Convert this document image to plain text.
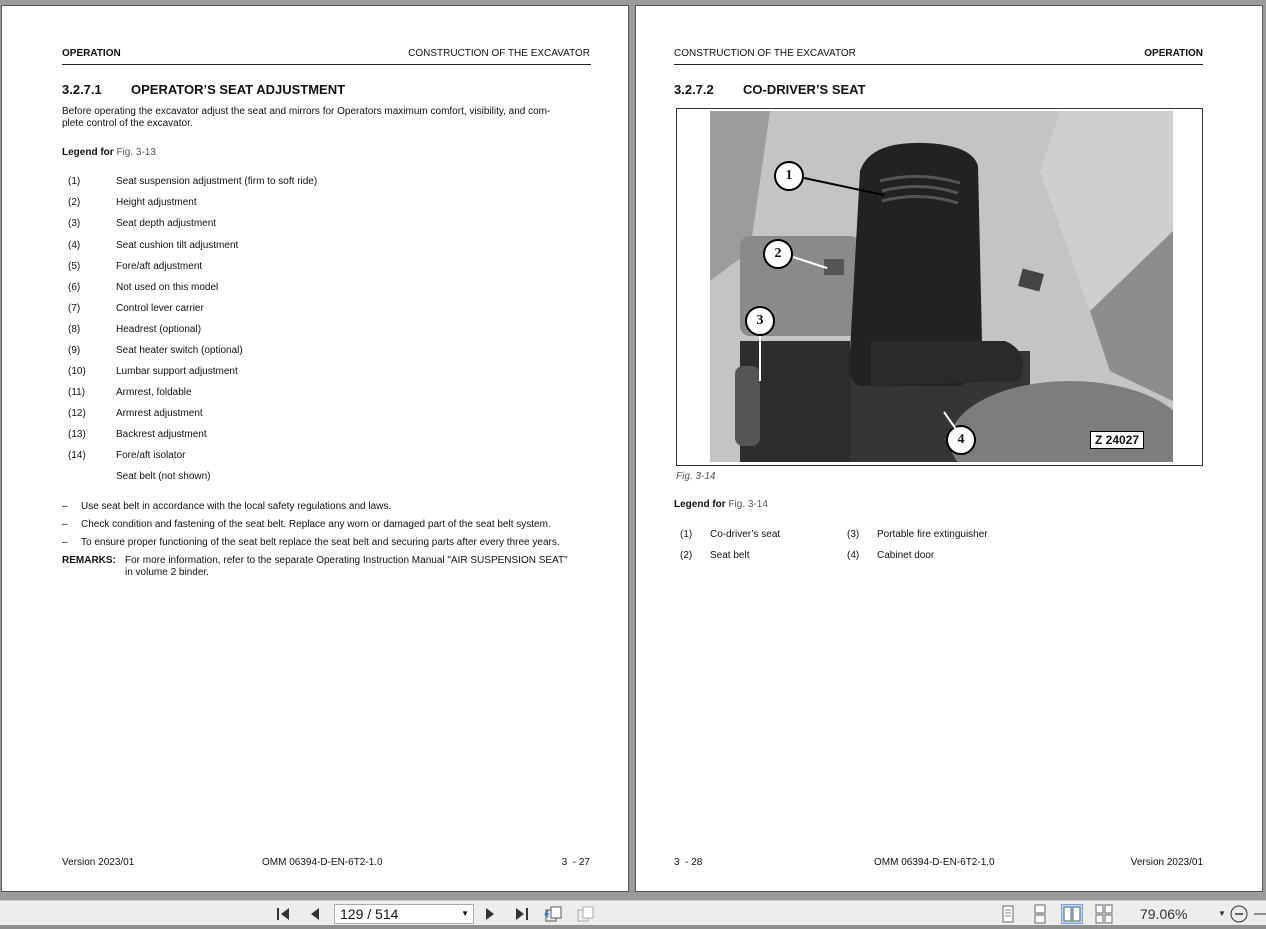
OPERATION	CONSTRUCTION OF THE EXCAVATOR
3.2.7.1 OPERATOR’S SEAT ADJUSTMENT
Before operating the excavator adjust the seat and mirrors for Operators maximum comfort, visibility, and com-
plete control of the excavator.
Legend for Fig. 3-13
(1)	Seat suspension adjustment (firm to soft ride)
(2)	Height adjustment
(3)	Seat depth adjustment
(4)	Seat cushion tilt adjustment
(5)	Fore/aft adjustment
(6)	Not used on this model
(7)	Control lever carrier
(8)	Headrest (optional)
(9)	Seat heater switch (optional)
(10)	Lumbar support adjustment
(11)	Armrest, foldable
(12)	Armrest adjustment
(13)	Backrest adjustment
(14)	Fore/aft isolator
Seat belt (not shown)
– Use seat belt in accordance with the local safety regulations and laws.
– Check condition and fastening of the seat belt. Replace any worn or damaged part of the seat belt system.
– To ensure proper functioning of the seat belt replace the seat belt and securing parts after every three years.
REMARKS: For more information, refer to the separate Operating Instruction Manual "AIR SUSPENSION SEAT"
in volume 2 binder.
Version 2023/01	OMM 06394-D-EN-6T2-1.0	3  - 27
CONSTRUCTION OF THE EXCAVATOR	OPERATION
3.2.7.2 CO-DRIVER’S SEAT
1
2
3
4	Z 24027
Fig. 3-14
Legend for Fig. 3-14
(1) Co-driver’s seat
(2) Seat belt
(3) Portable fire extinguisher
(4) Cabinet door
3  - 28	OMM 06394-D-EN-6T2-1.0	Version 2023/01
129 / 514	▼	79.06%	▼
